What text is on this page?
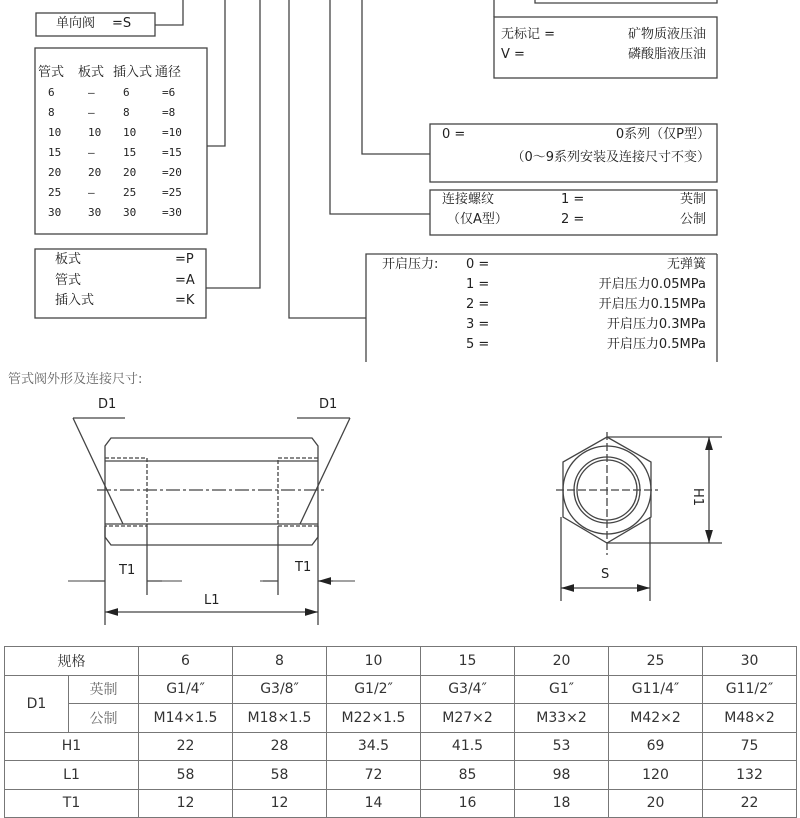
单向阀 =S
管式 板式 插入式 通径
6	—	6	=6
8	—	8	=8
10 10 10 =10
15 —	15 =15
20 20 20 =20
25 —	25 =25
30 30 30 =30
板式	=P
管式	=A
插入式	=K
无标记 =	矿物质液压油
V =	磷酸脂液压油
0 =	0系列（仅P型）
（0～9系列安装及连接尺寸不变）
连接螺纹
（仅A型）
1 =	英制
2 =	公制
开启压力: 0 =	无弹簧
1 =	开启压力0.05MPa
2 =	开启压力0.15MPa
3 =	开启压力0.3MPa
5 =	开启压力0.5MPa
管式阀外形及连接尺寸:
D1	D1
T1	T1
L1
H1
S
规格		6	8	10	15	20	25	30
D1	英制	G1/4″	G3/8″	G1/2″	G3/4″	G1″	G11/4″	G11/2″
	公制	M14×1.5	M18×1.5	M22×1.5	M27×2	M33×2	M42×2	M48×2
H1		22	28	34.5	41.5	53	69	75
L1		58	58	72	85	98	120	132
T1		12	12	14	16	18	20	22
